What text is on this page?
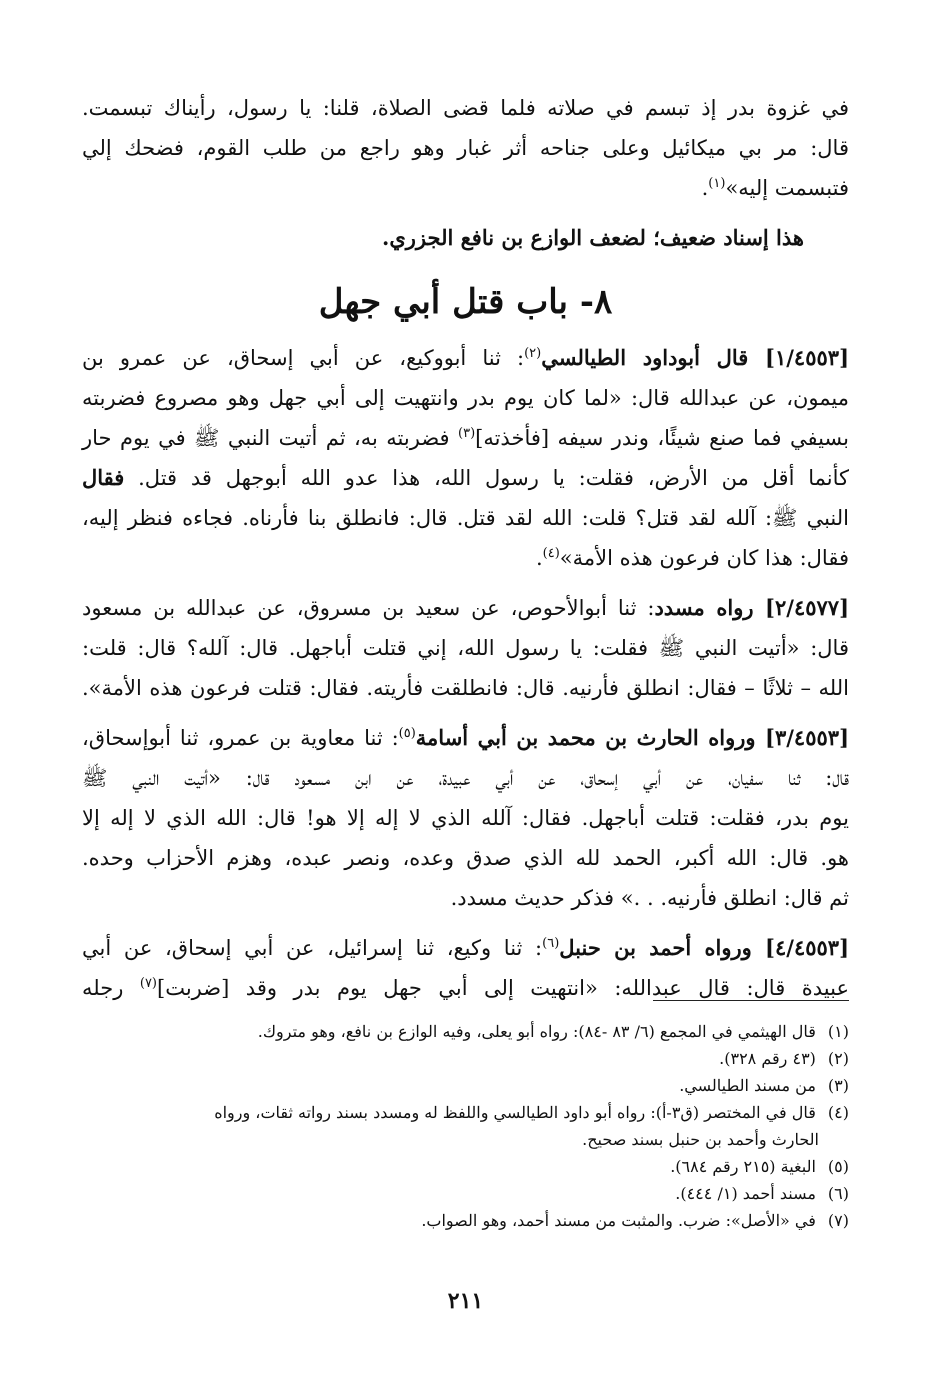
في غزوة بدر إذ تبسم في صلاته فلما قضى الصلاة، قلنا: يا رسول، رأيناك تبسمت.
قال: مر بي ميكائيل وعلى جناحه أثر غبار وهو راجع من طلب القوم، فضحك إلي
فتبسمت إليه»$^{(١)}$.
هذا إسناد ضعيف؛ لضعف الوازع بن نافع الجزري.
٨- باب قتل أبي جهل
[١/٤٥٥٣] قال أبوداود الطيالسي$^{(٢)}$: ثنا أبووكيع، عن أبي إسحاق، عن عمرو بن
ميمون، عن عبدالله قال: «لما كان يوم بدر وانتهيت إلى أبي جهل وهو مصروع فضربته
بسيفي فما صنع شيئًا، وندر سيفه [فأخذته]$^{(٣)}$ فضربته به، ثم أتيت النبي ﷺ في يوم حار
كأنما أقل من الأرض، فقلت: يا رسول الله، هذا عدو الله أبوجهل قد قتل. فقال
النبي ﷺ: آلله لقد قتل؟ قلت: الله لقد قتل. قال: فانطلق بنا فأرناه. فجاءه فنظر إليه،
فقال: هذا كان فرعون هذه الأمة»$^{(٤)}$.
[٢/٤٥٧٧] رواه مسدد: ثنا أبوالأحوص، عن سعيد بن مسروق، عن عبدالله بن مسعود
قال: «أتيت النبي ﷺ فقلت: يا رسول الله، إني قتلت أباجهل. قال: آلله؟ قال: قلت:
الله – ثلاثًا – فقال: انطلق فأرنيه. قال: فانطلقت فأريته. فقال: قتلت فرعون هذه الأمة».
[٣/٤٥٥٣] ورواه الحارث بن محمد بن أبي أسامة$^{(٥)}$: ثنا معاوية بن عمرو، ثنا أبوإسحاق،
قال: ثنا سفيان، عن أبي إسحاق، عن أبي عبيدة، عن ابن مسعود قال: «أتيت النبي ﷺ
يوم بدر، فقلت: قتلت أباجهل. فقال: آلله الذي لا إله إلا هو! قال: الله الذي لا إله إلا
هو. قال: الله أكبر، الحمد لله الذي صدق وعده، ونصر عبده، وهزم الأحزاب وحده.
ثم قال: انطلق فأرنيه. . .» فذكر حديث مسدد.
[٤/٤٥٥٣] ورواه أحمد بن حنبل$^{(٦)}$: ثنا وكيع، ثنا إسرائيل، عن أبي إسحاق، عن أبي
عبيدة قال: قال عبدالله: «انتهيت إلى أبي جهل يوم بدر وقد [ضربت]$^{(٧)}$ رجله
(١) قال الهيثمي في المجمع (٦/ ٨٣ -٨٤): رواه أبو يعلى، وفيه الوازع بن نافع، وهو متروك.
(٢) (٤٣ رقم ٣٢٨).
(٣) من مسند الطيالسي.
(٤) قال في المختصر (ق٣-أ): رواه أبو داود الطيالسي واللفظ له ومسدد بسند رواته ثقات، ورواه
الحارث وأحمد بن حنبل بسند صحيح.
(٥) البغية (٢١٥ رقم ٦٨٤).
(٦) مسند أحمد (١/ ٤٤٤).
(٧) في «الأصل»: ضرب. والمثبت من مسند أحمد، وهو الصواب.
٢١١
